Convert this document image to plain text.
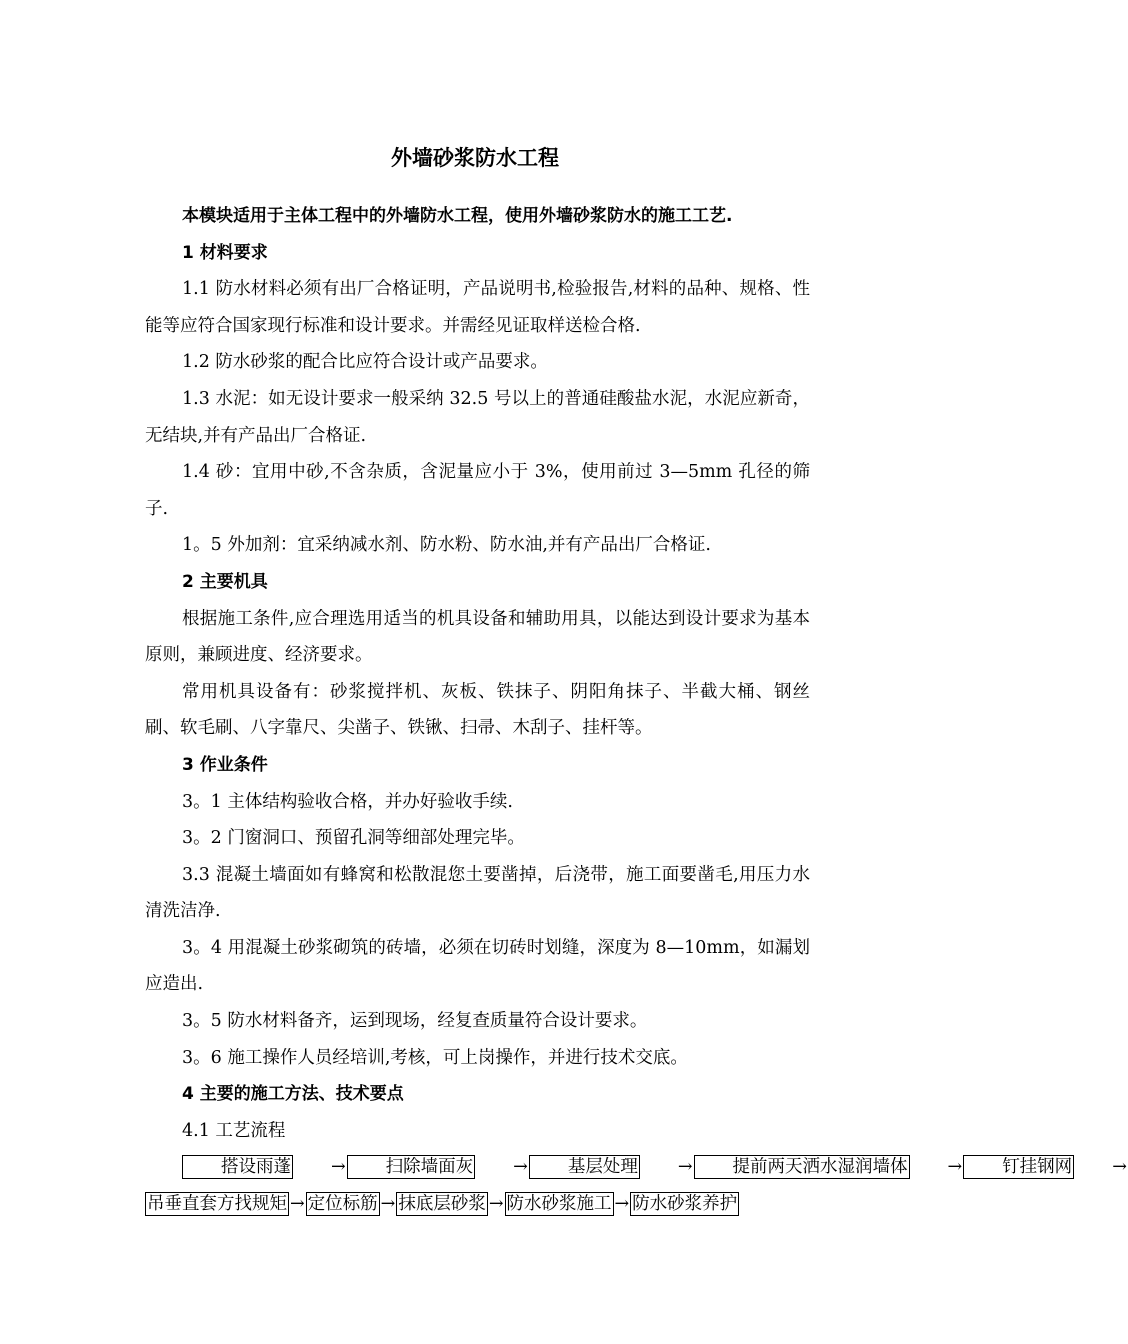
外墙砂浆防水工程

本模块适用于主体工程中的外墙防水工程，使用外墙砂浆防水的施工工艺.

1 材料要求

1.1 防水材料必须有出厂合格证明，产品说明书,检验报告,材料的品种、规格、性能等应符合国家现行标准和设计要求。并需经见证取样送检合格.

1.2 防水砂浆的配合比应符合设计或产品要求。

1.3 水泥：如无设计要求一般采纳 32.5 号以上的普通硅酸盐水泥，水泥应新奇，无结块,并有产品出厂合格证.

1.4 砂：宜用中砂,不含杂质，含泥量应小于 3%，使用前过 3—5mm 孔径的筛子.

1。5 外加剂：宜采纳减水剂、防水粉、防水油,并有产品出厂合格证.

2 主要机具

根据施工条件,应合理选用适当的机具设备和辅助用具，以能达到设计要求为基本原则，兼顾进度、经济要求。

常用机具设备有：砂浆搅拌机、灰板、铁抹子、阴阳角抹子、半截大桶、钢丝刷、软毛刷、八字靠尺、尖凿子、铁锹、扫帚、木刮子、挂杆等。

3 作业条件

3。1 主体结构验收合格，并办好验收手续.

3。2 门窗洞口、预留孔洞等细部处理完毕。

3.3 混凝土墙面如有蜂窝和松散混您土要凿掉，后浇带，施工面要凿毛,用压力水清洗洁净.

3。4 用混凝土砂浆砌筑的砖墙，必须在切砖时划缝，深度为 8—10mm，如漏划应造出.

3。5 防水材料备齐，运到现场，经复查质量符合设计要求。

3。6 施工操作人员经培训,考核，可上岗操作，并进行技术交底。

4 主要的施工方法、技术要点

4.1 工艺流程

搭设雨蓬 → 扫除墙面灰 → 基层处理 → 提前两天洒水湿润墙体 → 钉挂钢网 →

吊垂直套方找规矩 → 定位标筋 → 抹底层砂浆 → 防水砂浆施工 → 防水砂浆养护
